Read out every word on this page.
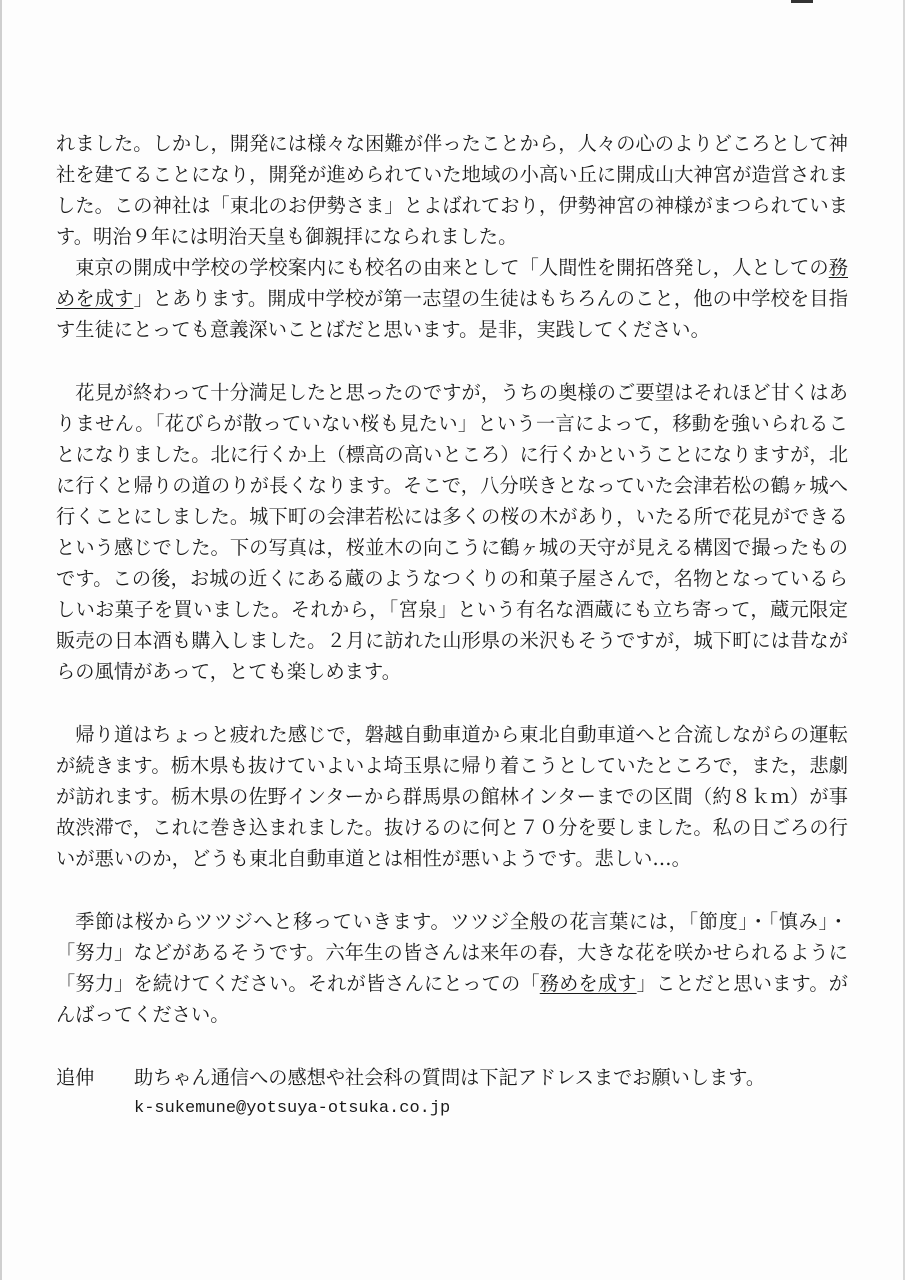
れました。しかし，開発には様々な困難が伴ったことから，人々の心のよりどころとして神社を建てることになり，開発が進められていた地域の小高い丘に開成山大神宮が造営されました。この神社は「東北のお伊勢さま」とよばれており，伊勢神宮の神様がまつられています。明治９年には明治天皇も御親拝になられました。

東京の開成中学校の学校案内にも校名の由来として「人間性を開拓啓発し，人としての務めを成す」とあります。開成中学校が第一志望の生徒はもちろんのこと，他の中学校を目指す生徒にとっても意義深いことばだと思います。是非，実践してください。

花見が終わって十分満足したと思ったのですが，うちの奥様のご要望はそれほど甘くはありません。「花びらが散っていない桜も見たい」という一言によって，移動を強いられることになりました。北に行くか上（標高の高いところ）に行くかということになりますが，北に行くと帰りの道のりが長くなります。そこで，八分咲きとなっていた会津若松の鶴ヶ城へ行くことにしました。城下町の会津若松には多くの桜の木があり，いたる所で花見ができるという感じでした。下の写真は，桜並木の向こうに鶴ヶ城の天守が見える構図で撮ったものです。この後，お城の近くにある蔵のようなつくりの和菓子屋さんで，名物となっているらしいお菓子を買いました。それから，「宮泉」という有名な酒蔵にも立ち寄って，蔵元限定販売の日本酒も購入しました。２月に訪れた山形県の米沢もそうですが，城下町には昔ながらの風情があって，とても楽しめます。

帰り道はちょっと疲れた感じで，磐越自動車道から東北自動車道へと合流しながらの運転が続きます。栃木県も抜けていよいよ埼玉県に帰り着こうとしていたところで，また，悲劇が訪れます。栃木県の佐野インターから群馬県の館林インターまでの区間（約８ｋｍ）が事故渋滞で，これに巻き込まれました。抜けるのに何と７０分を要しました。私の日ごろの行いが悪いのか，どうも東北自動車道とは相性が悪いようです。悲しい…。

季節は桜からツツジへと移っていきます。ツツジ全般の花言葉には，「節度」・「慎み」・「努力」などがあるそうです。六年生の皆さんは来年の春，大きな花を咲かせられるように「努力」を続けてください。それが皆さんにとっての「務めを成す」ことだと思います。がんばってください。

追伸	助ちゃん通信への感想や社会科の質問は下記アドレスまでお願いします。
k-sukemune@yotsuya-otsuka.co.jp
